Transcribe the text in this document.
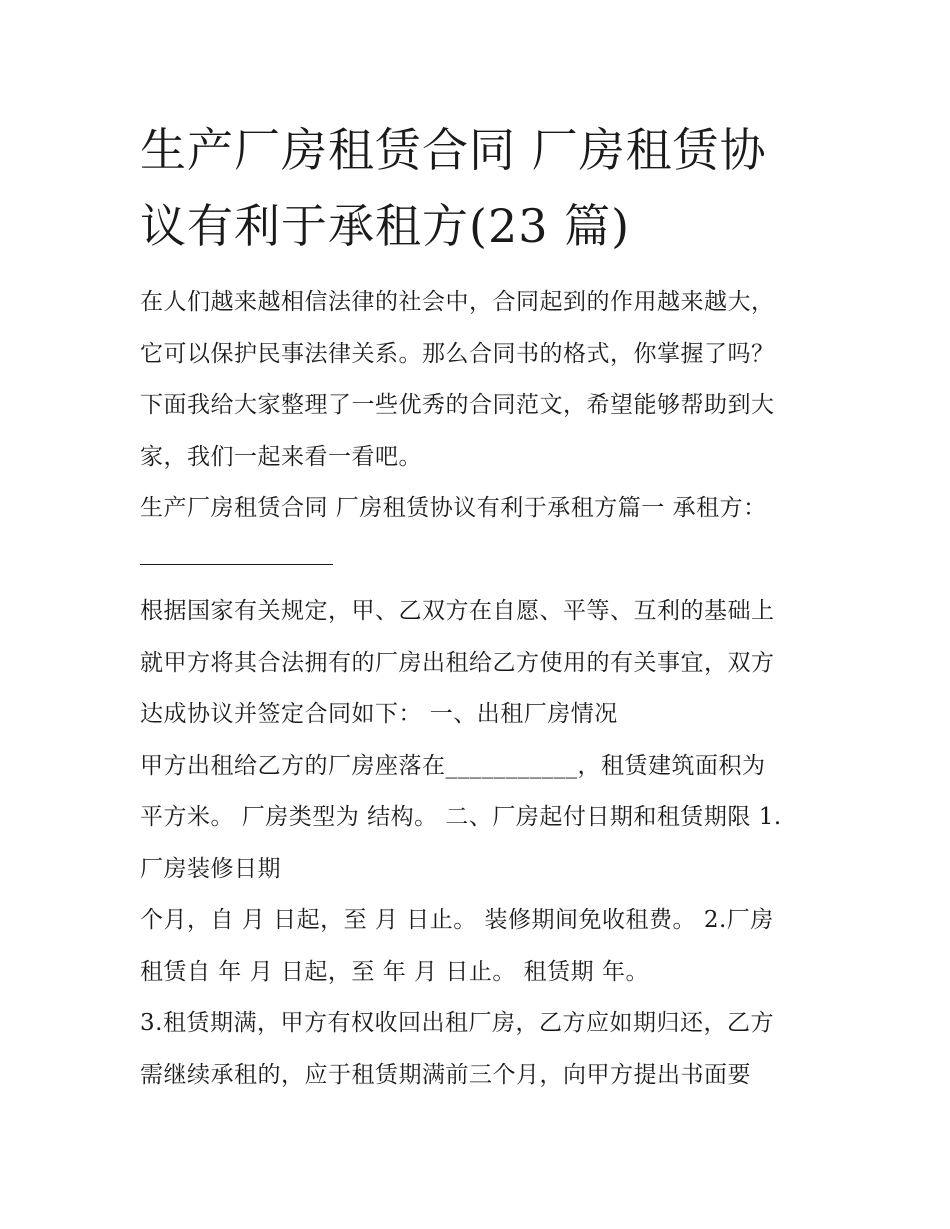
生产厂房租赁合同 厂房租赁协
议有利于承租方(23 篇)
在人们越来越相信法律的社会中，合同起到的作用越来越大，
它可以保护民事法律关系。那么合同书的格式，你掌握了吗？
下面我给大家整理了一些优秀的合同范文，希望能够帮助到大
家，我们一起来看一看吧。
生产厂房租赁合同 厂房租赁协议有利于承租方篇一 承租方：
根据国家有关规定，甲、乙双方在自愿、平等、互利的基础上
就甲方将其合法拥有的厂房出租给乙方使用的有关事宜，双方
达成协议并签定合同如下： 一、出租厂房情况
甲方出租给乙方的厂房座落在___________，租赁建筑面积为
平方米。 厂房类型为 结构。 二、厂房起付日期和租赁期限 1.
厂房装修日期
个月，自 月 日起，至 月 日止。 装修期间免收租费。 2.厂房
租赁自 年 月 日起，至 年 月 日止。 租赁期 年。
3.租赁期满，甲方有权收回出租厂房，乙方应如期归还，乙方
需继续承租的，应于租赁期满前三个月，向甲方提出书面要
